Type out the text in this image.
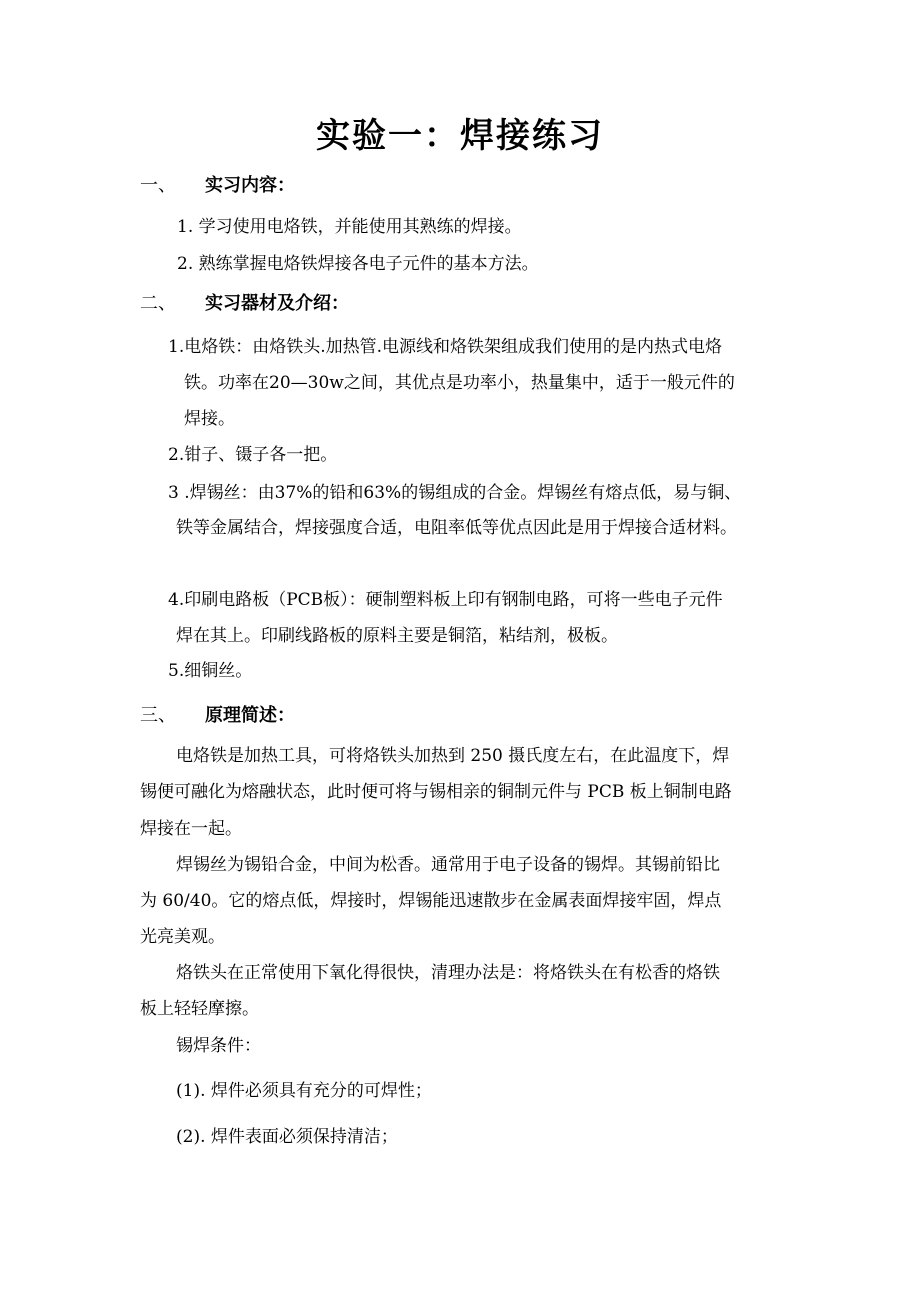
实验一：焊接练习
一、 实习内容：
1. 学习使用电烙铁，并能使用其熟练的焊接。
2. 熟练掌握电烙铁焊接各电子元件的基本方法。
二、 实习器材及介绍：
1.电烙铁：由烙铁头.加热管.电源线和烙铁架组成我们使用的是内热式电烙
铁。功率在20—30w之间，其优点是功率小，热量集中，适于一般元件的
焊接。
2.钳子、镊子各一把。
3 .焊锡丝：由37%的铅和63%的锡组成的合金。焊锡丝有熔点低，易与铜、
铁等金属结合，焊接强度合适，电阻率低等优点因此是用于焊接合适材料。
4.印刷电路板（PCB板）：硬制塑料板上印有钢制电路，可将一些电子元件
焊在其上。印刷线路板的原料主要是铜箔，粘结剂，极板。
5.细铜丝。
三、 原理简述：
电烙铁是加热工具，可将烙铁头加热到 250 摄氏度左右，在此温度下，焊
锡便可融化为熔融状态，此时便可将与锡相亲的铜制元件与 PCB 板上铜制电路
焊接在一起。
焊锡丝为锡铅合金，中间为松香。通常用于电子设备的锡焊。其锡前铅比
为 60/40。它的熔点低，焊接时，焊锡能迅速散步在金属表面焊接牢固，焊点
光亮美观。
烙铁头在正常使用下氧化得很快，清理办法是：将烙铁头在有松香的烙铁
板上轻轻摩擦。
锡焊条件：
(1). 焊件必须具有充分的可焊性；
(2). 焊件表面必须保持清洁；
